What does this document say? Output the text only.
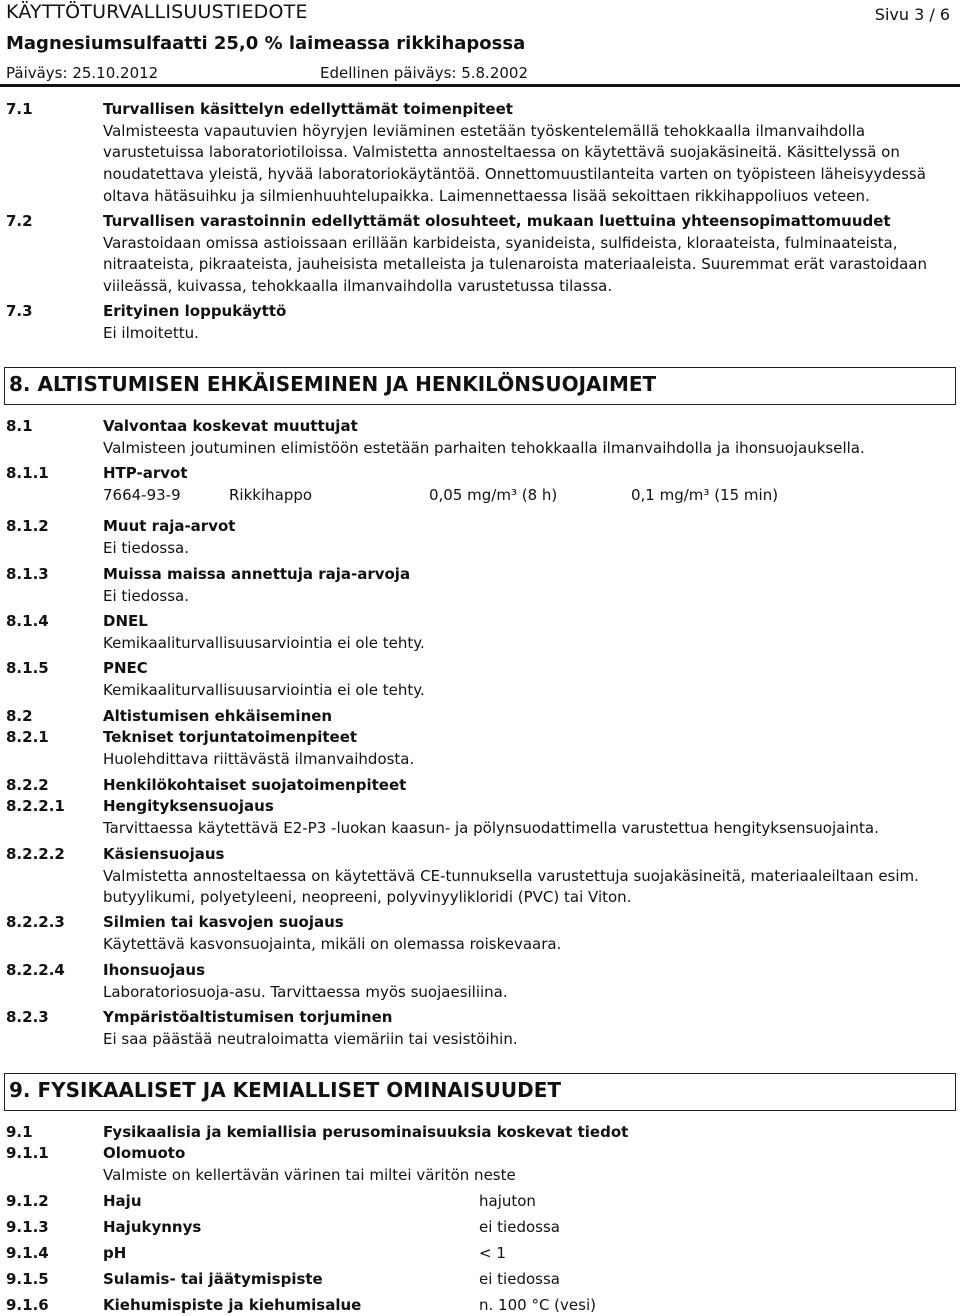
KÄYTTÖTURVALLISUUSTIEDOTE	Sivu 3 / 6
Magnesiumsulfaatti 25,0 % laimeassa rikkihapossa
Päiväys: 25.10.2012	Edellinen päiväys: 5.8.2002
7.1	Turvallisen käsittelyn edellyttämät toimenpiteet
Valmisteesta vapautuvien höyryjen leviäminen estetään työskentelemällä tehokkaalla ilmanvaihdolla
varustetuissa laboratoriotiloissa. Valmistetta annosteltaessa on käytettävä suojakäsineitä. Käsittelyssä on
noudatettava yleistä, hyvää laboratoriokäytäntöä. Onnettomuustilanteita varten on työpisteen läheisyydessä
oltava hätäsuihku ja silmienhuuhtelupaikka. Laimennettaessa lisää sekoittaen rikkihappoliuos veteen.
7.2	Turvallisen varastoinnin edellyttämät olosuhteet, mukaan luettuina yhteensopimattomuudet
Varastoidaan omissa astioissaan erillään karbideista, syanideista, sulfideista, kloraateista, fulminaateista,
nitraateista, pikraateista, jauheisista metalleista ja tulenaroista materiaaleista. Suuremmat erät varastoidaan
viileässä, kuivassa, tehokkaalla ilmanvaihdolla varustetussa tilassa.
7.3	Erityinen loppukäyttö
Ei ilmoitettu.
8. ALTISTUMISEN EHKÄISEMINEN JA HENKILÖNSUOJAIMET
8.1	Valvontaa koskevat muuttujat
Valmisteen joutuminen elimistöön estetään parhaiten tehokkaalla ilmanvaihdolla ja ihonsuojauksella.
8.1.1	HTP-arvot
7664-93-9	Rikkihappo	0,05 mg/m³ (8 h)	0,1 mg/m³ (15 min)
8.1.2	Muut raja-arvot
Ei tiedossa.
8.1.3	Muissa maissa annettuja raja-arvoja
Ei tiedossa.
8.1.4	DNEL
Kemikaaliturvallisuusarviointia ei ole tehty.
8.1.5	PNEC
Kemikaaliturvallisuusarviointia ei ole tehty.
8.2	Altistumisen ehkäiseminen
8.2.1	Tekniset torjuntatoimenpiteet
Huolehdittava riittävästä ilmanvaihdosta.
8.2.2	Henkilökohtaiset suojatoimenpiteet
8.2.2.1	Hengityksensuojaus
Tarvittaessa käytettävä E2-P3 -luokan kaasun- ja pölynsuodattimella varustettua hengityksensuojainta.
8.2.2.2	Käsiensuojaus
Valmistetta annosteltaessa on käytettävä CE-tunnuksella varustettuja suojakäsineitä, materiaaleiltaan esim.
butyylikumi, polyetyleeni, neopreeni, polyvinyylikloridi (PVC) tai Viton.
8.2.2.3	Silmien tai kasvojen suojaus
Käytettävä kasvonsuojainta, mikäli on olemassa roiskevaara.
8.2.2.4	Ihonsuojaus
Laboratoriosuoja-asu. Tarvittaessa myös suojaesiliina.
8.2.3	Ympäristöaltistumisen torjuminen
Ei saa päästää neutraloimatta viemäriin tai vesistöihin.
9. FYSIKAALISET JA KEMIALLISET OMINAISUUDET
9.1	Fysikaalisia ja kemiallisia perusominaisuuksia koskevat tiedot
9.1.1	Olomuoto
Valmiste on kellertävän värinen tai miltei väritön neste
9.1.2	Haju	hajuton
9.1.3	Hajukynnys	ei tiedossa
9.1.4	pH	< 1
9.1.5	Sulamis- tai jäätymispiste	ei tiedossa
9.1.6	Kiehumispiste ja kiehumisalue	n. 100 °C (vesi)
